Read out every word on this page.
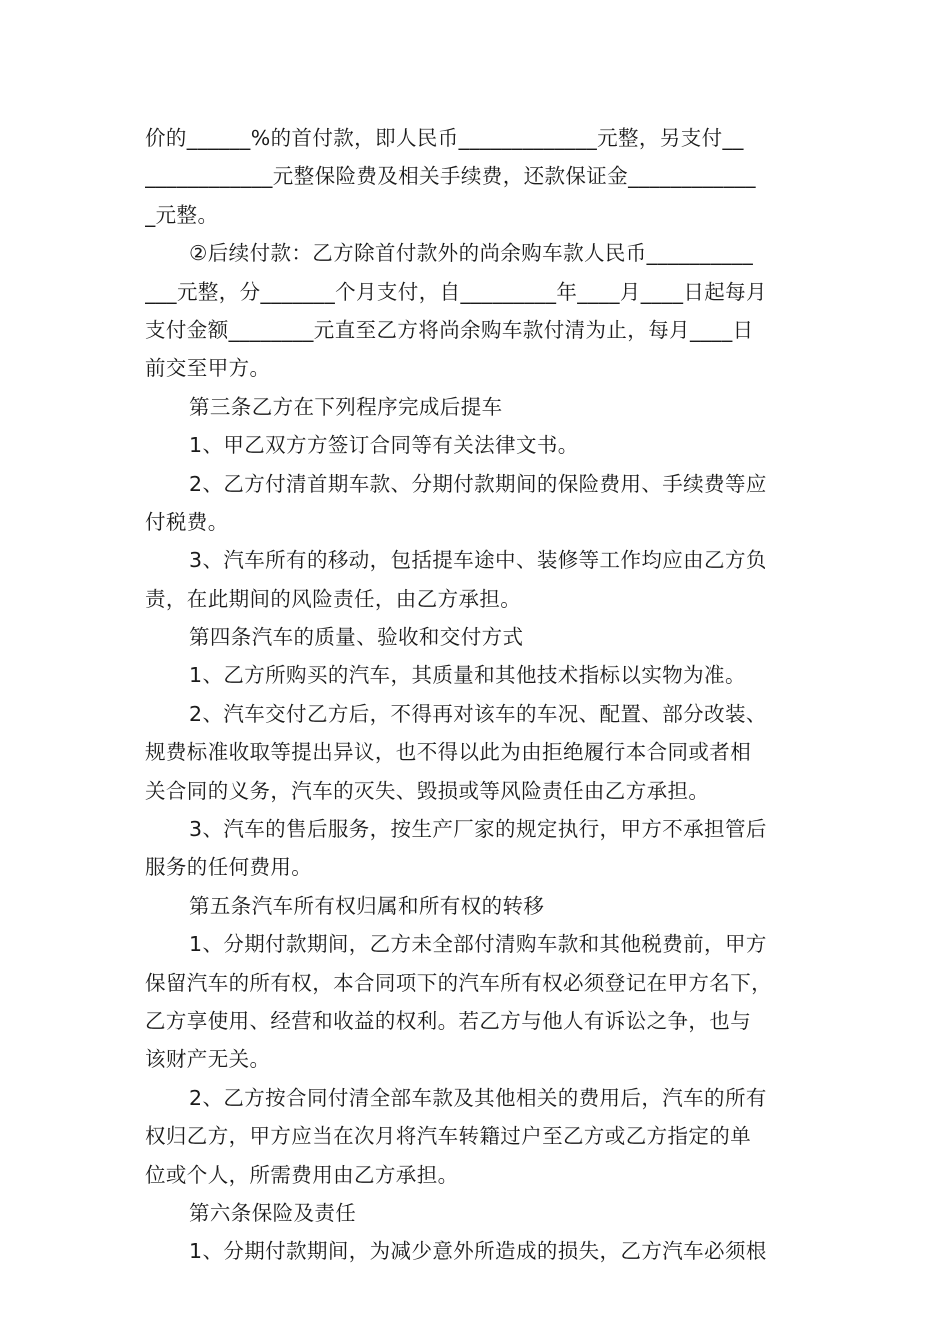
价的______%的首付款，即人民币_____________元整，另支付__
____________元整保险费及相关手续费，还款保证金____________
_元整。
②后续付款：乙方除首付款外的尚余购车款人民币__________
___元整，分_______个月支付，自_________年____月____日起每月
支付金额________元直至乙方将尚余购车款付清为止，每月____日
前交至甲方。
第三条乙方在下列程序完成后提车
1、甲乙双方方签订合同等有关法律文书。
2、乙方付清首期车款、分期付款期间的保险费用、手续费等应
付税费。
3、汽车所有的移动，包括提车途中、装修等工作均应由乙方负
责，在此期间的风险责任，由乙方承担。
第四条汽车的质量、验收和交付方式
1、乙方所购买的汽车，其质量和其他技术指标以实物为准。
2、汽车交付乙方后，不得再对该车的车况、配置、部分改装、
规费标准收取等提出异议，也不得以此为由拒绝履行本合同或者相
关合同的义务，汽车的灭失、毁损或等风险责任由乙方承担。
3、汽车的售后服务，按生产厂家的规定执行，甲方不承担管后
服务的任何费用。
第五条汽车所有权归属和所有权的转移
1、分期付款期间，乙方未全部付清购车款和其他税费前，甲方
保留汽车的所有权，本合同项下的汽车所有权必须登记在甲方名下，
乙方享使用、经营和收益的权利。若乙方与他人有诉讼之争，也与
该财产无关。
2、乙方按合同付清全部车款及其他相关的费用后，汽车的所有
权归乙方，甲方应当在次月将汽车转籍过户至乙方或乙方指定的单
位或个人，所需费用由乙方承担。
第六条保险及责任
1、分期付款期间，为减少意外所造成的损失，乙方汽车必须根
